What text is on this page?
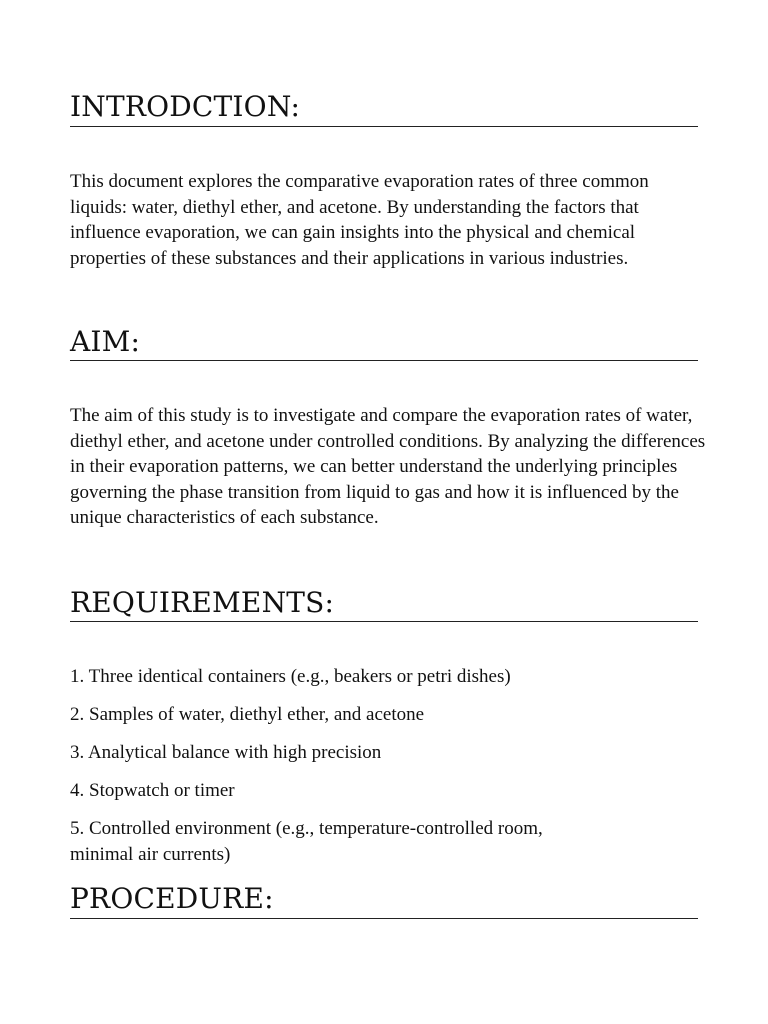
INTRODCTION:

This document explores the comparative evaporation rates of three common liquids: water, diethyl ether, and acetone. By understanding the factors that influence evaporation, we can gain insights into the physical and chemical properties of these substances and their applications in various industries.

AIM:

The aim of this study is to investigate and compare the evaporation rates of water, diethyl ether, and acetone under controlled conditions. By analyzing the differences in their evaporation patterns, we can better understand the underlying principles governing the phase transition from liquid to gas and how it is influenced by the unique characteristics of each substance.

REQUIREMENTS:

1. Three identical containers (e.g., beakers or petri dishes)

2. Samples of water, diethyl ether, and acetone

3. Analytical balance with high precision

4. Stopwatch or timer

5. Controlled environment (e.g., temperature-controlled room, minimal air currents)

PROCEDURE:
